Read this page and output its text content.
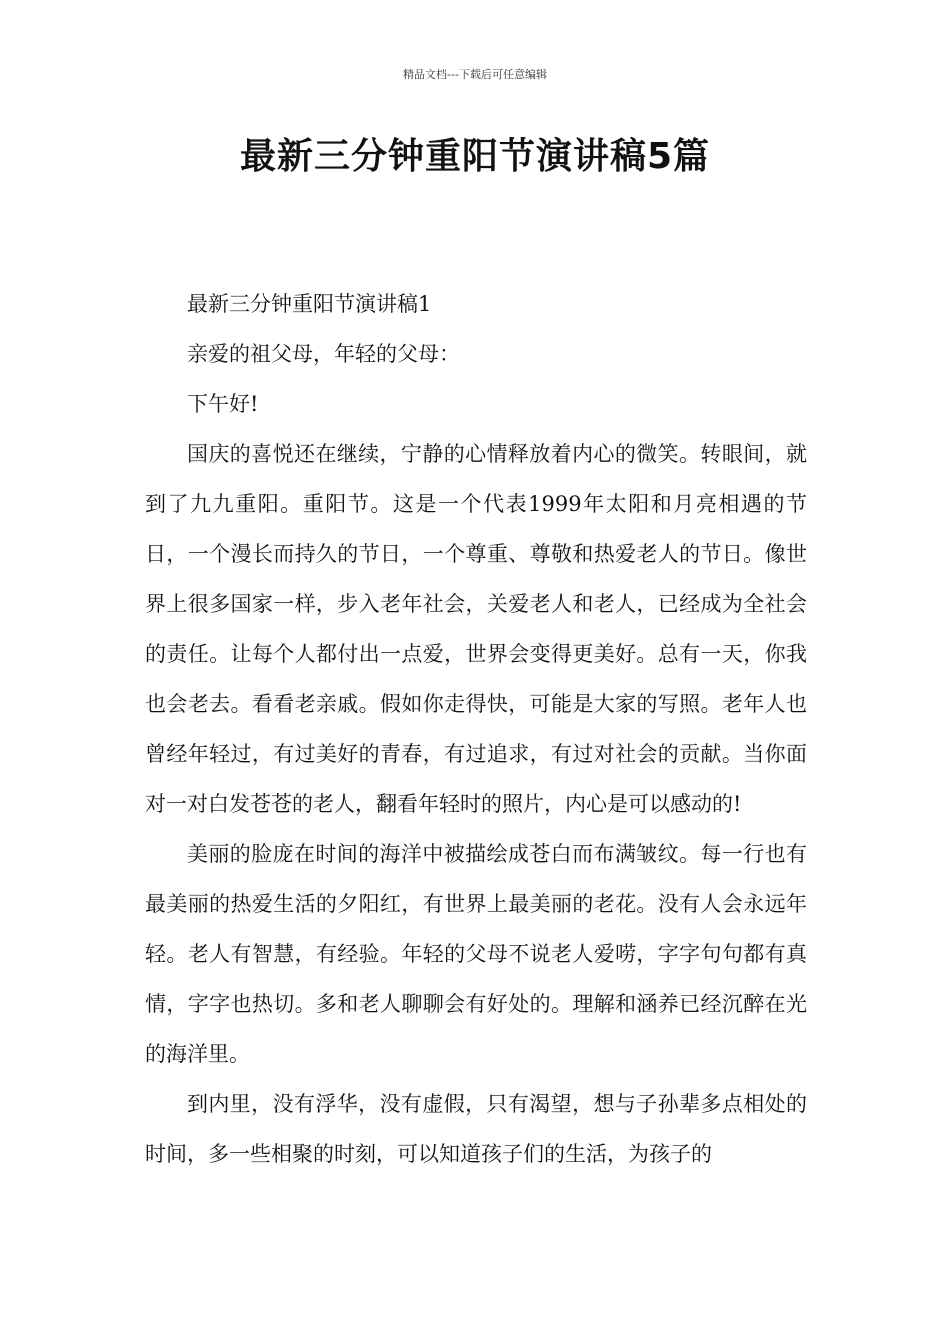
精品文档---下载后可任意编辑
最新三分钟重阳节演讲稿5篇

最新三分钟重阳节演讲稿1

亲爱的祖父母，年轻的父母：

下午好!

国庆的喜悦还在继续，宁静的心情释放着内心的微笑。转眼间，就到了九九重阳。重阳节。这是一个代表1999年太阳和月亮相遇的节日，一个漫长而持久的节日，一个尊重、尊敬和热爱老人的节日。像世界上很多国家一样，步入老年社会，关爱老人和老人，已经成为全社会的责任。让每个人都付出一点爱，世界会变得更美好。总有一天，你我也会老去。看看老亲戚。假如你走得快，可能是大家的写照。老年人也曾经年轻过，有过美好的青春，有过追求，有过对社会的贡献。当你面对一对白发苍苍的老人，翻看年轻时的照片，内心是可以感动的!

美丽的脸庞在时间的海洋中被描绘成苍白而布满皱纹。每一行也有最美丽的热爱生活的夕阳红，有世界上最美丽的老花。没有人会永远年轻。老人有智慧，有经验。年轻的父母不说老人爱唠，字字句句都有真情，字字也热切。多和老人聊聊会有好处的。理解和涵养已经沉醉在光的海洋里。

到内里，没有浮华，没有虚假，只有渴望，想与子孙辈多点相处的时间，多一些相聚的时刻，可以知道孩子们的生活，为孩子的
